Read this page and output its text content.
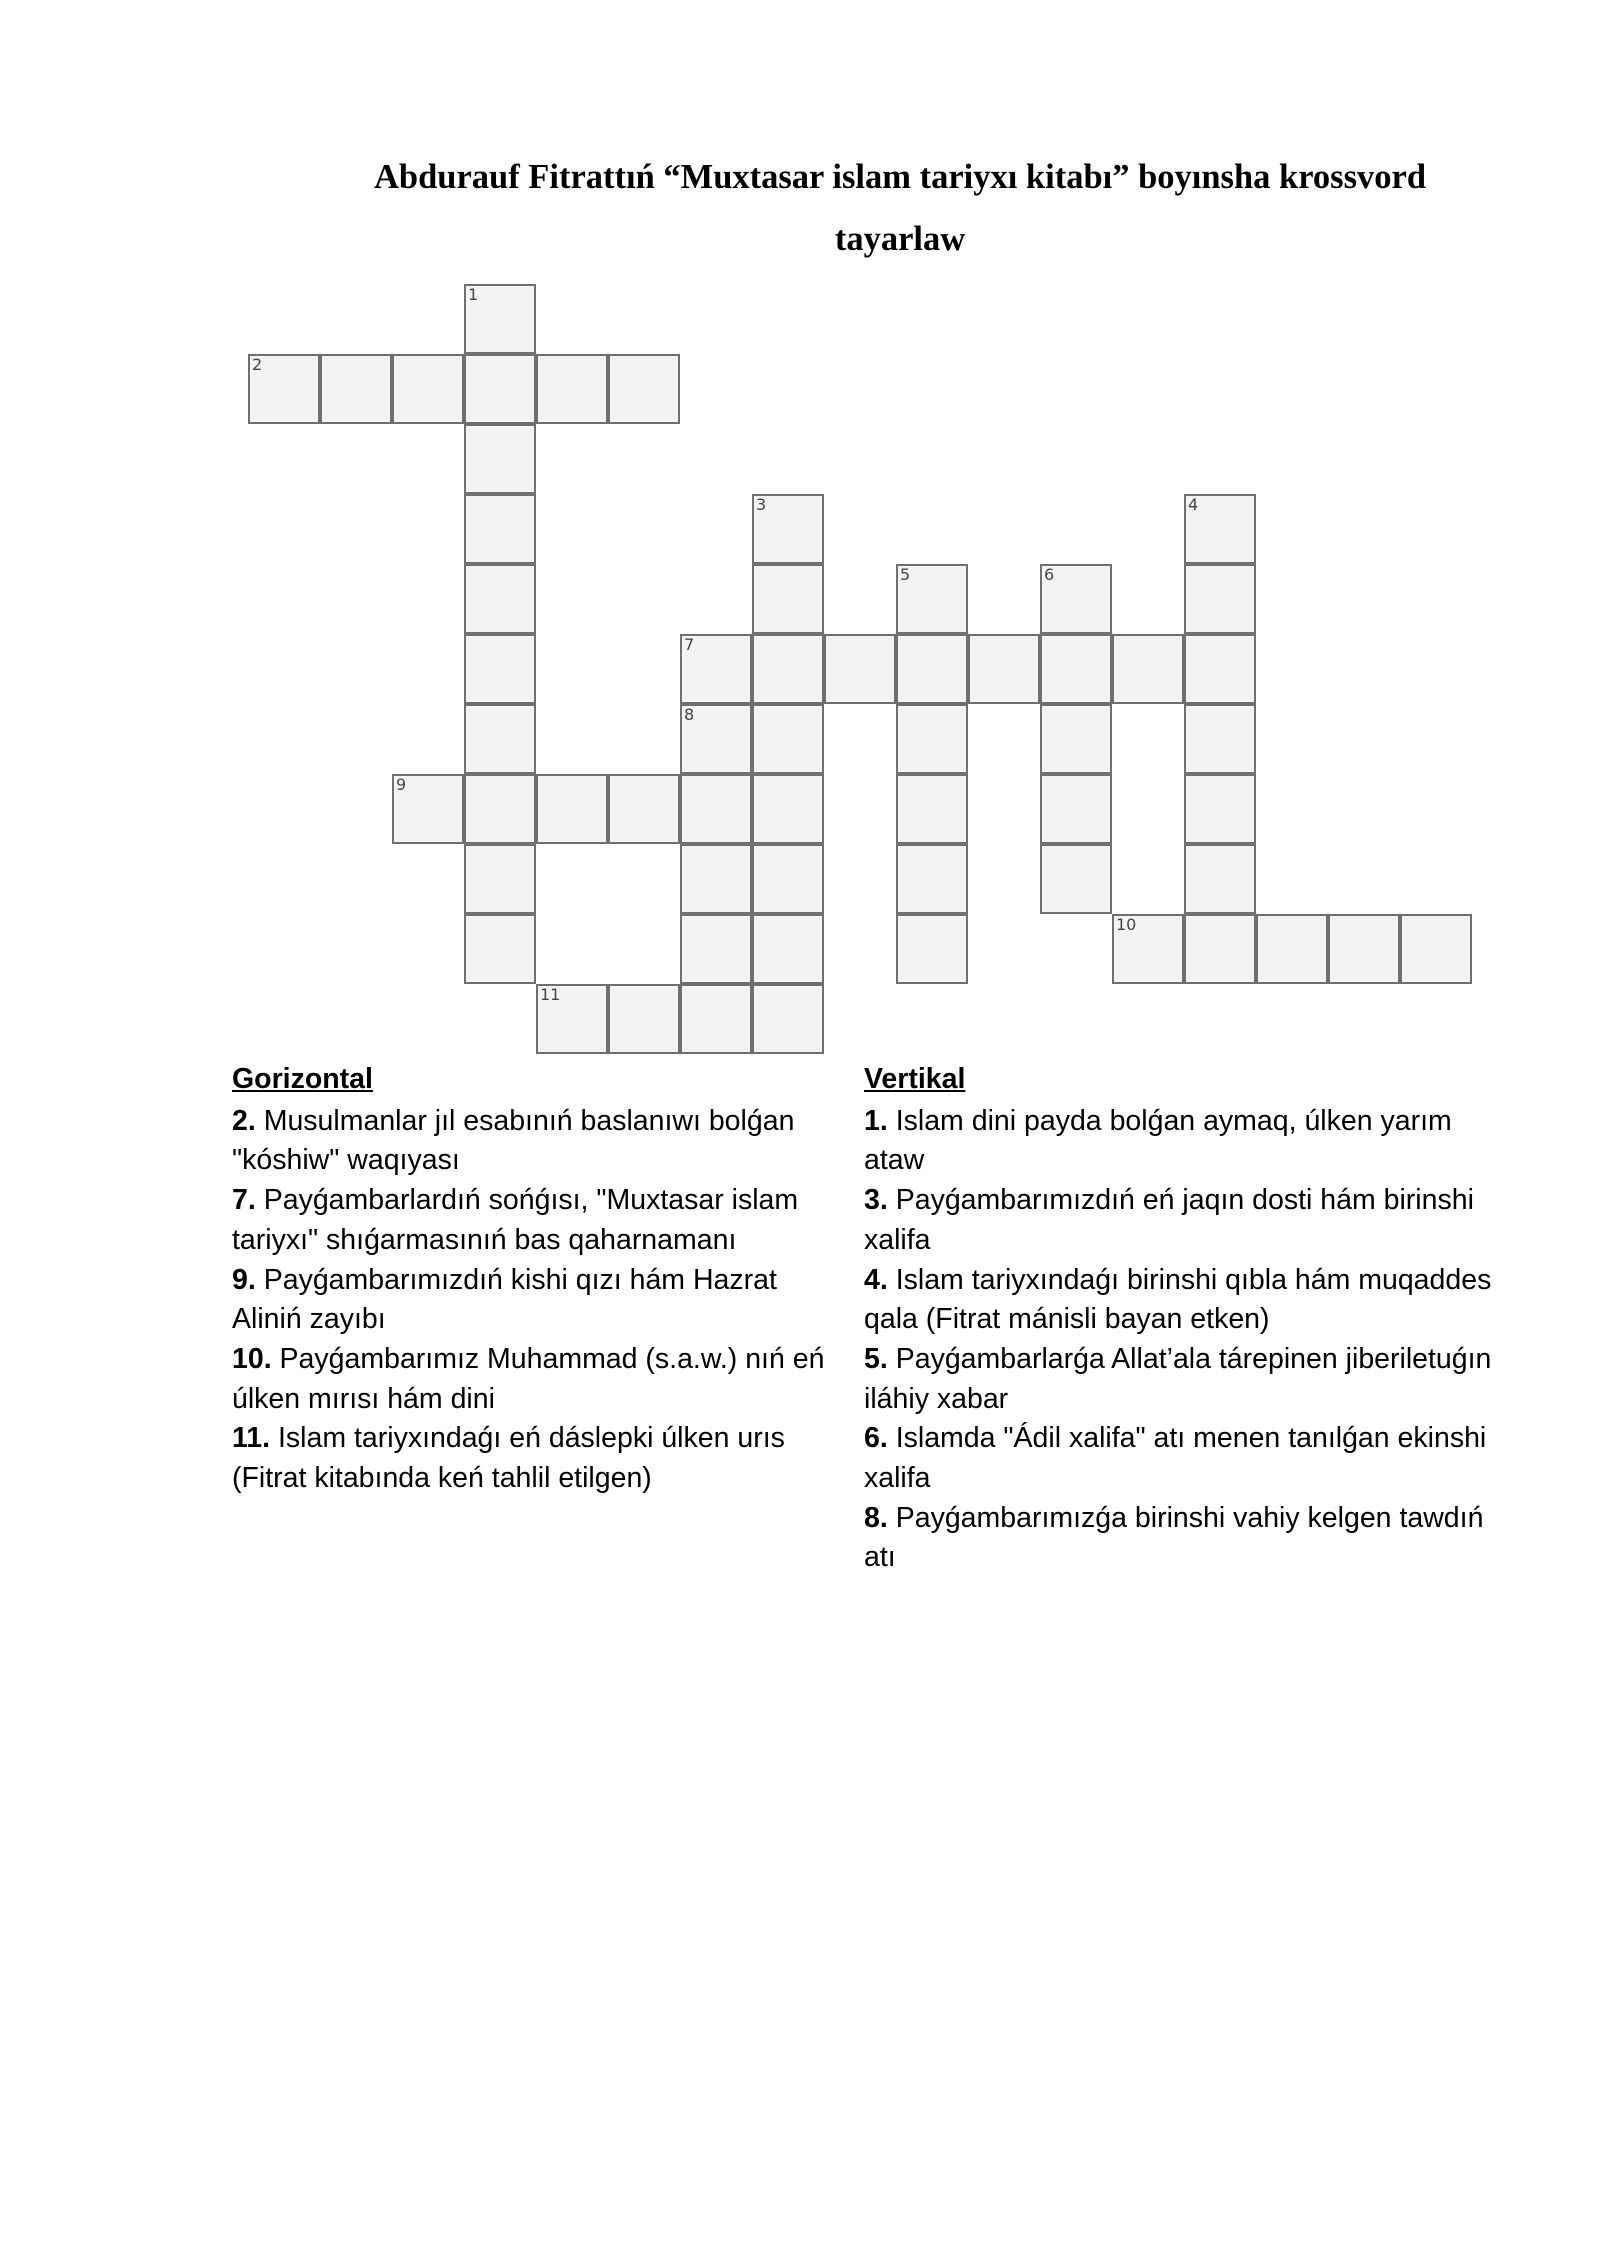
Abdurauf Fitrattıń “Muxtasar islam tariyxı kitabı” boyınsha krossvord tayarlaw
1
2
3	4
5	6
7
8
9
10
11
Gorizontal

2. Musulmanlar jıl esabınıń baslanıwı bolǵan "kóshiw" waqıyası

7. Payǵambarlardıń sońǵısı, "Muxtasar islam tariyxı" shıǵarmasınıń bas qaharnamanı

9. Payǵambarımızdıń kishi qızı hám Hazrat Aliniń zayıbı

10. Payǵambarımız Muhammad (s.a.w.) nıń eń úlken mırısı hám dini

11. Islam tariyxındaǵı eń dáslepki úlken urıs (Fitrat kitabında keń tahlil etilgen)

Vertikal

1. Islam dini payda bolǵan aymaq, úlken yarım ataw

3. Payǵambarımızdıń eń jaqın dosti hám birinshi xalifa

4. Islam tariyxındaǵı birinshi qıbla hám muqaddes qala (Fitrat mánisli bayan etken)

5. Payǵambarlarǵa Allat’ala tárepinen jiberiletuǵın iláhiy xabar

6. Islamda "Ádil xalifa" atı menen tanılǵan ekinshi xalifa

8. Payǵambarımızǵa birinshi vahiy kelgen tawdıń atı
